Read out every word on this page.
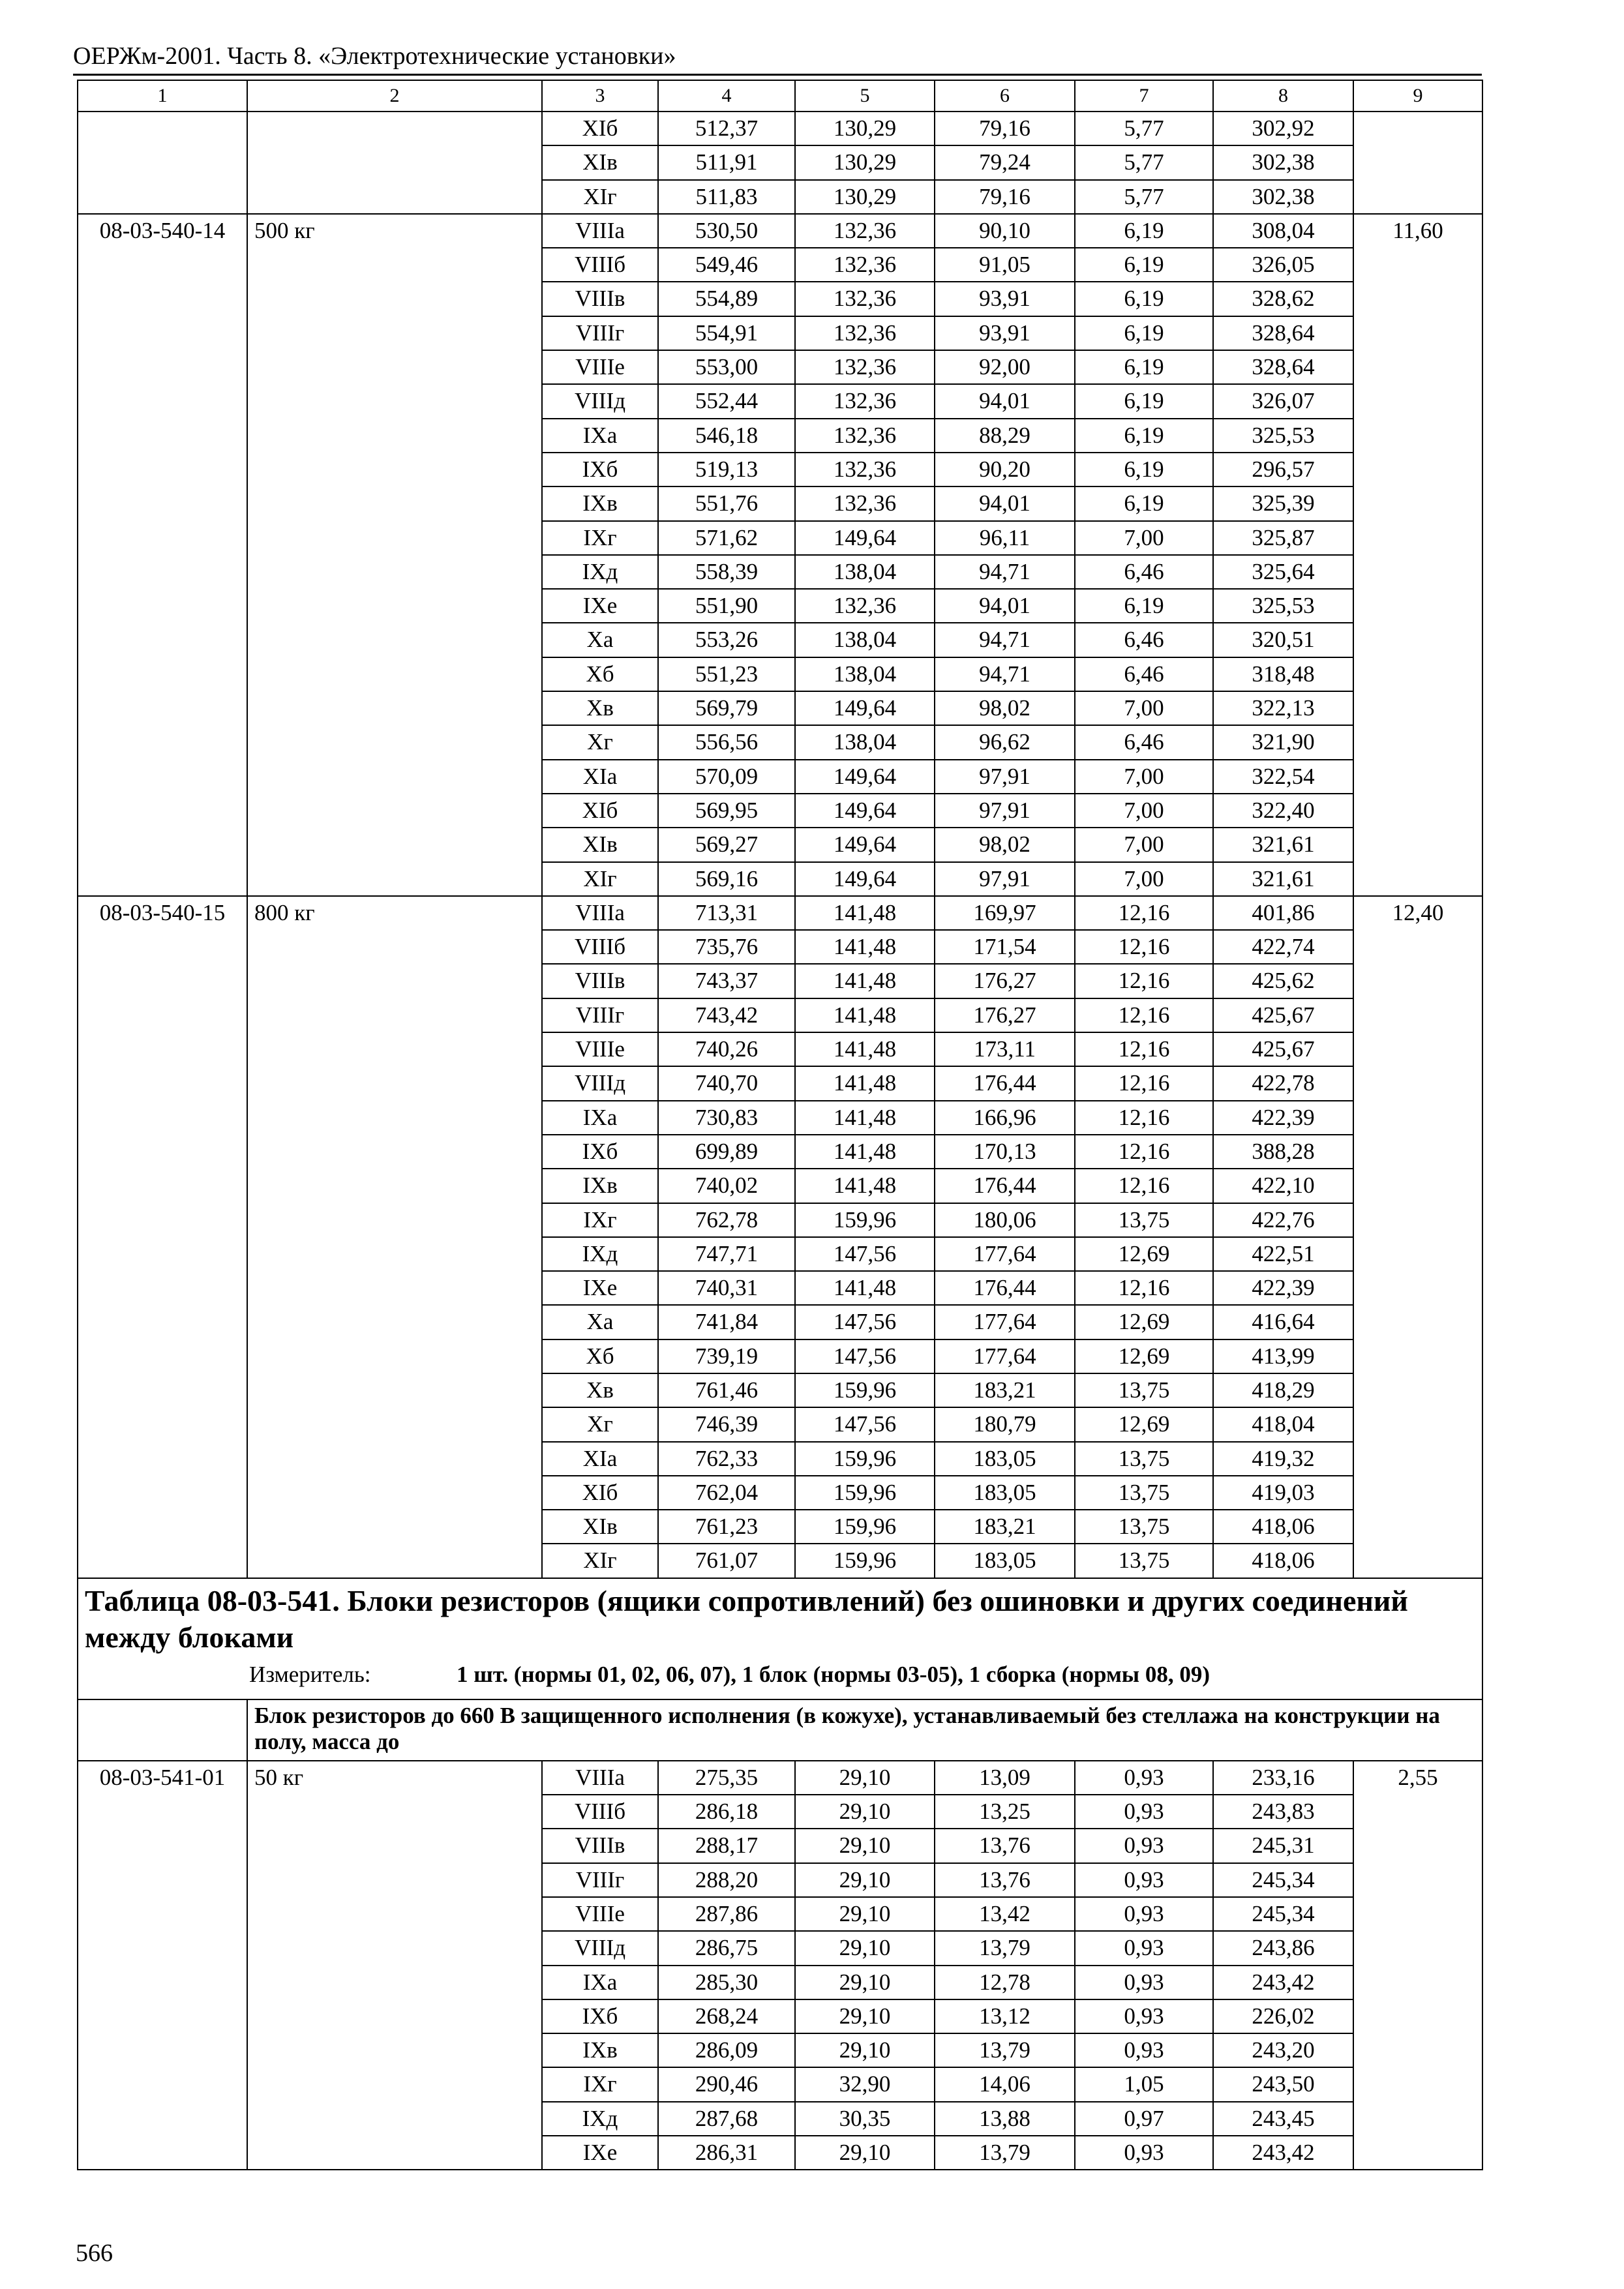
ОЕРЖм-2001. Часть 8. «Электротехнические установки»
1	2	3	4	5	6	7	8	9
		XIб	512,37	130,29	79,16	5,77	302,92	
		XIв	511,91	130,29	79,24	5,77	302,38	
		XIг	511,83	130,29	79,16	5,77	302,38	
08-03-540-14	500 кг	VIIIа	530,50	132,36	90,10	6,19	308,04	11,60
		VIIIб	549,46	132,36	91,05	6,19	326,05	
		VIIIв	554,89	132,36	93,91	6,19	328,62	
		VIIIг	554,91	132,36	93,91	6,19	328,64	
		VIIIе	553,00	132,36	92,00	6,19	328,64	
		VIIIд	552,44	132,36	94,01	6,19	326,07	
		IXа	546,18	132,36	88,29	6,19	325,53	
		IXб	519,13	132,36	90,20	6,19	296,57	
		IXв	551,76	132,36	94,01	6,19	325,39	
		IXг	571,62	149,64	96,11	7,00	325,87	
		IXд	558,39	138,04	94,71	6,46	325,64	
		IXе	551,90	132,36	94,01	6,19	325,53	
		Xа	553,26	138,04	94,71	6,46	320,51	
		Xб	551,23	138,04	94,71	6,46	318,48	
		Xв	569,79	149,64	98,02	7,00	322,13	
		Xг	556,56	138,04	96,62	6,46	321,90	
		XIа	570,09	149,64	97,91	7,00	322,54	
		XIб	569,95	149,64	97,91	7,00	322,40	
		XIв	569,27	149,64	98,02	7,00	321,61	
		XIг	569,16	149,64	97,91	7,00	321,61	
08-03-540-15	800 кг	VIIIа	713,31	141,48	169,97	12,16	401,86	12,40
		VIIIб	735,76	141,48	171,54	12,16	422,74	
		VIIIв	743,37	141,48	176,27	12,16	425,62	
		VIIIг	743,42	141,48	176,27	12,16	425,67	
		VIIIе	740,26	141,48	173,11	12,16	425,67	
		VIIIд	740,70	141,48	176,44	12,16	422,78	
		IXа	730,83	141,48	166,96	12,16	422,39	
		IXб	699,89	141,48	170,13	12,16	388,28	
		IXв	740,02	141,48	176,44	12,16	422,10	
		IXг	762,78	159,96	180,06	13,75	422,76	
		IXд	747,71	147,56	177,64	12,69	422,51	
		IXе	740,31	141,48	176,44	12,16	422,39	
		Xа	741,84	147,56	177,64	12,69	416,64	
		Xб	739,19	147,56	177,64	12,69	413,99	
		Xв	761,46	159,96	183,21	13,75	418,29	
		Xг	746,39	147,56	180,79	12,69	418,04	
		XIа	762,33	159,96	183,05	13,75	419,32	
		XIб	762,04	159,96	183,05	13,75	419,03	
		XIв	761,23	159,96	183,21	13,75	418,06	
		XIг	761,07	159,96	183,05	13,75	418,06	

Таблица 08-03-541. Блоки резисторов (ящики сопротивлений) без ошиновки и других соединений между блоками
Измеритель: 1 шт. (нормы 01, 02, 06, 07), 1 блок (нормы 03-05), 1 сборка (нормы 08, 09)								

	Блок резисторов до 660 В защищенного исполнения (в кожухе), устанавливаемый без стеллажа на конструкции на полу, масса до							
08-03-541-01	50 кг	VIIIа	275,35	29,10	13,09	0,93	233,16	2,55
		VIIIб	286,18	29,10	13,25	0,93	243,83	
		VIIIв	288,17	29,10	13,76	0,93	245,31	
		VIIIг	288,20	29,10	13,76	0,93	245,34	
		VIIIе	287,86	29,10	13,42	0,93	245,34	
		VIIIд	286,75	29,10	13,79	0,93	243,86	
		IXа	285,30	29,10	12,78	0,93	243,42	
		IXб	268,24	29,10	13,12	0,93	226,02	
		IXв	286,09	29,10	13,79	0,93	243,20	
		IXг	290,46	32,90	14,06	1,05	243,50	
		IXд	287,68	30,35	13,88	0,97	243,45	
		IXе	286,31	29,10	13,79	0,93	243,42	
566
